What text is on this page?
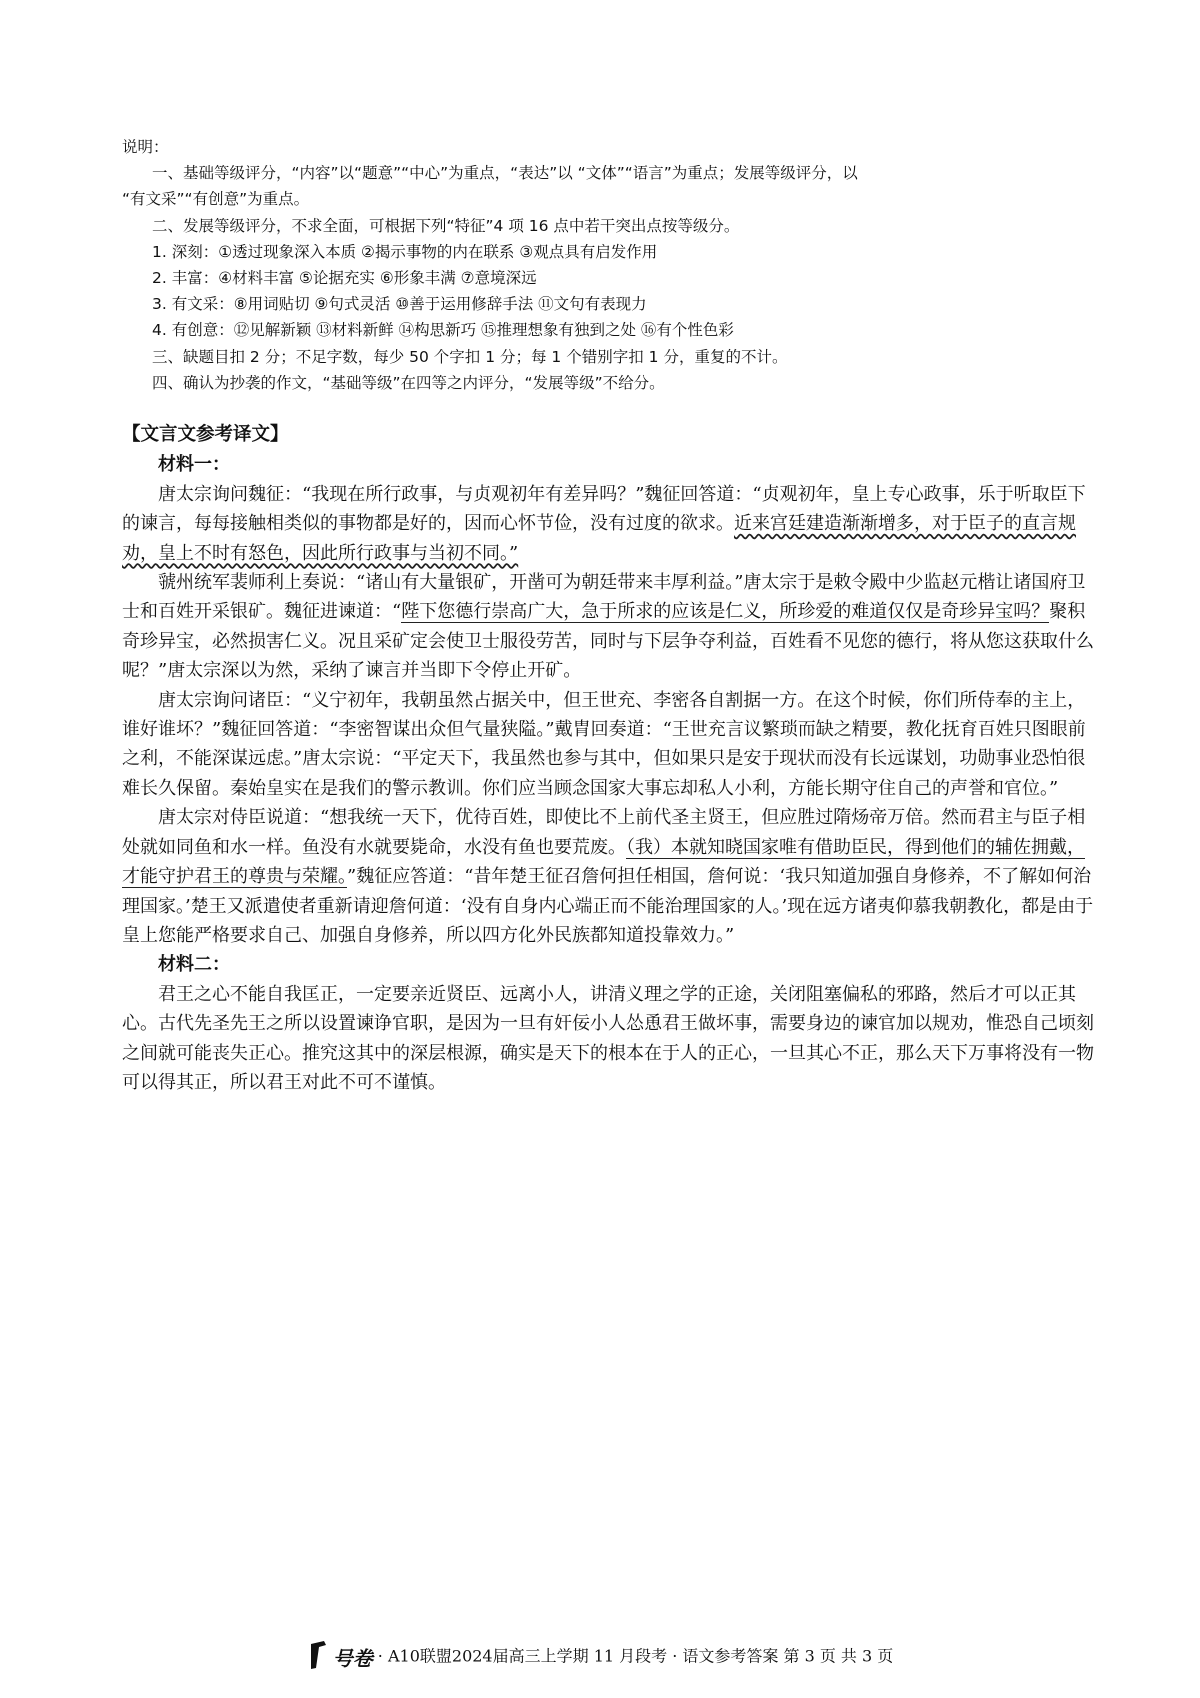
说明：

一、基础等级评分，“内容”以“题意”“中心”为重点，“表达”以 “文体”“语言”为重点；发展等级评分，以

“有文采”“有创意”为重点。

二、发展等级评分，不求全面，可根据下列“特征”4 项 16 点中若干突出点按等级分。

1. 深刻：①透过现象深入本质 ②揭示事物的内在联系 ③观点具有启发作用

2. 丰富：④材料丰富 ⑤论据充实 ⑥形象丰满 ⑦意境深远

3. 有文采：⑧用词贴切 ⑨句式灵活 ⑩善于运用修辞手法 ⑪文句有表现力

4. 有创意：⑫见解新颖 ⑬材料新鲜 ⑭构思新巧 ⑮推理想象有独到之处 ⑯有个性色彩

三、缺题目扣 2 分；不足字数，每少 50 个字扣 1 分；每 1 个错别字扣 1 分，重复的不计。

四、确认为抄袭的作文，“基础等级”在四等之内评分，“发展等级”不给分。

【文言文参考译文】

材料一：

唐太宗询问魏征：“我现在所行政事，与贞观初年有差异吗？”魏征回答道：“贞观初年，皇上专心政事，乐于听取臣下的谏言，每每接触相类似的事物都是好的，因而心怀节俭，没有过度的欲求。近来宫廷建造渐渐增多，对于臣子的直言规劝，皇上不时有怒色，因此所行政事与当初不同。”

虢州统军裴师利上奏说：“诸山有大量银矿，开凿可为朝廷带来丰厚利益。”唐太宗于是敕令殿中少监赵元楷让诸国府卫士和百姓开采银矿。魏征进谏道：“陛下您德行崇高广大，急于所求的应该是仁义，所珍爱的难道仅仅是奇珍异宝吗？聚积奇珍异宝，必然损害仁义。况且采矿定会使卫士服役劳苦，同时与下层争夺利益，百姓看不见您的德行，将从您这获取什么呢？”唐太宗深以为然，采纳了谏言并当即下令停止开矿。

唐太宗询问诸臣：“义宁初年，我朝虽然占据关中，但王世充、李密各自割据一方。在这个时候，你们所侍奉的主上，谁好谁坏？”魏征回答道：“李密智谋出众但气量狭隘。”戴胄回奏道：“王世充言议繁琐而缺之精要，教化抚育百姓只图眼前之利，不能深谋远虑。”唐太宗说：“平定天下，我虽然也参与其中，但如果只是安于现状而没有长远谋划，功勋事业恐怕很难长久保留。秦始皇实在是我们的警示教训。你们应当顾念国家大事忘却私人小利，方能长期守住自己的声誉和官位。”

唐太宗对侍臣说道：“想我统一天下，优待百姓，即使比不上前代圣主贤王，但应胜过隋炀帝万倍。然而君主与臣子相处就如同鱼和水一样。鱼没有水就要毙命，水没有鱼也要荒废。（我）本就知晓国家唯有借助臣民，得到他们的辅佐拥戴，才能守护君王的尊贵与荣耀。”魏征应答道：“昔年楚王征召詹何担任相国，詹何说：‘我只知道加强自身修养，不了解如何治理国家。’楚王又派遣使者重新请迎詹何道：‘没有自身内心端正而不能治理国家的人。’现在远方诸夷仰慕我朝教化，都是由于皇上您能严格要求自己、加强自身修养，所以四方化外民族都知道投靠效力。”

材料二：

君王之心不能自我匡正，一定要亲近贤臣、远离小人，讲清义理之学的正途，关闭阻塞偏私的邪路，然后才可以正其心。古代先圣先王之所以设置谏诤官职，是因为一旦有奸佞小人怂恿君王做坏事，需要身边的谏官加以规劝，惟恐自己顷刻之间就可能丧失正心。推究这其中的深层根源，确实是天下的根本在于人的正心，一旦其心不正，那么天下万事将没有一物可以得其正，所以君王对此不可不谨慎。

号卷 · A10联盟2024届高三上学期 11 月段考 · 语文参考答案 第 3 页 共 3 页
